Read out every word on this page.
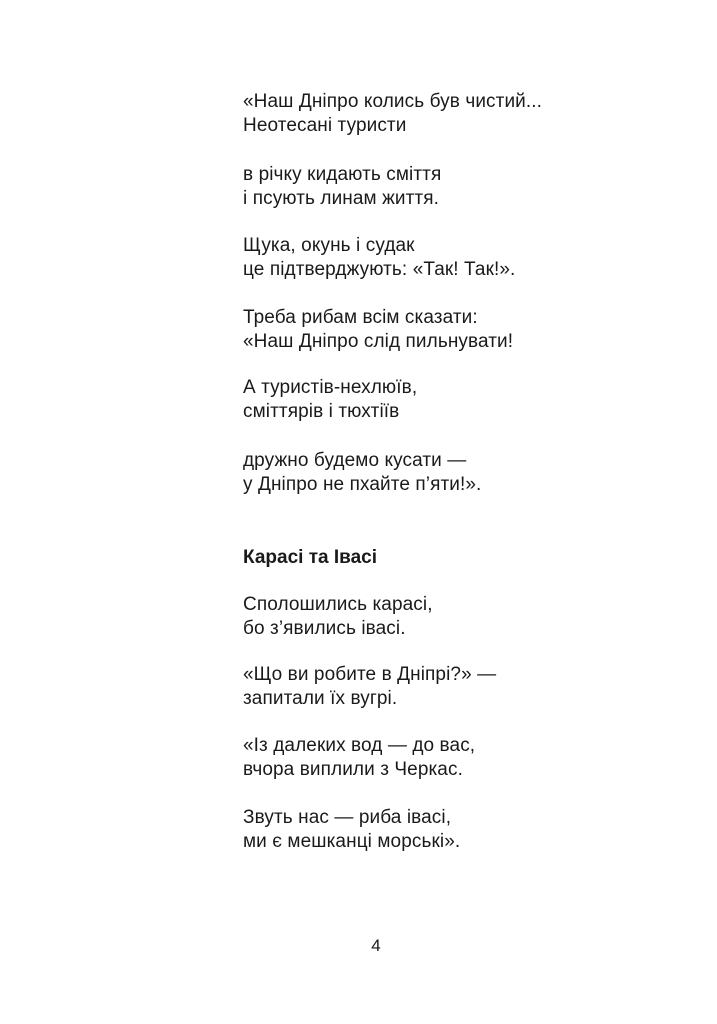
«Наш Дніпро колись був чистий...
Неотесані туристи
в річку кидають сміття
і псують линам життя.
Щука, окунь і судак
це підтверджують: «Так! Так!».
Треба рибам всім сказати:
«Наш Дніпро слід пильнувати!
А туристів-нехлюїв,
сміттярів і тюхтіїв
дружно будемо кусати —
у Дніпро не пхайте п’яти!».
Карасі та Івасі
Сполошились карасі,
бо з’явились івасі.
«Що ви робите в Дніпрі?» —
запитали їх вугрі.
«Із далеких вод — до вас,
вчора виплили з Черкас.
Звуть нас — риба івасі,
ми є мешканці морські».

4
